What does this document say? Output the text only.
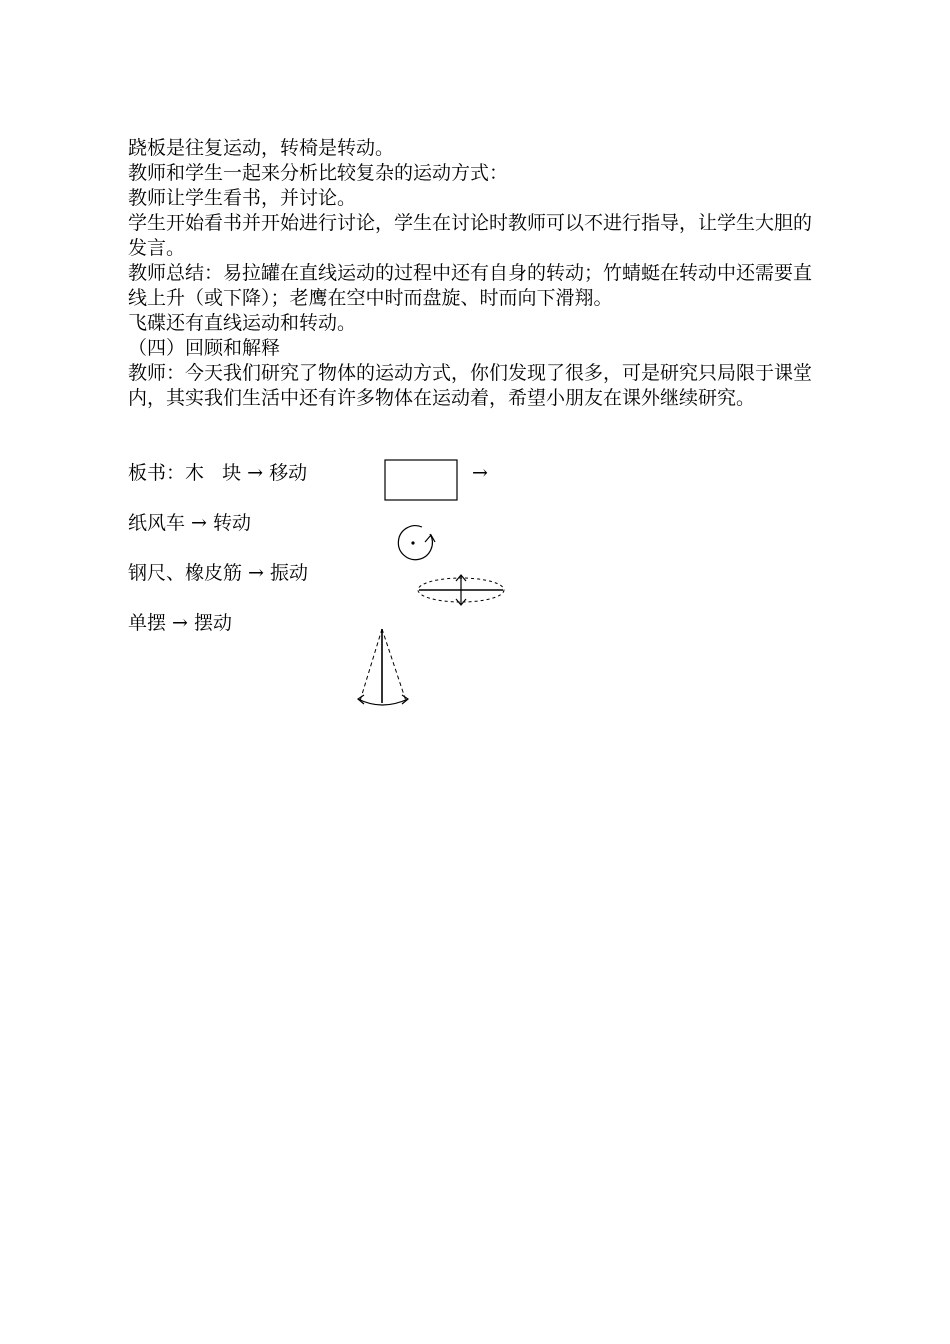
跷板是往复运动，转椅是转动。

教师和学生一起来分析比较复杂的运动方式：

教师让学生看书，并讨论。

学生开始看书并开始进行讨论，学生在讨论时教师可以不进行指导，让学生大胆的发言。

教师总结：易拉罐在直线运动的过程中还有自身的转动；竹蜻蜓在转动中还需要直线上升（或下降）；老鹰在空中时而盘旋、时而向下滑翔。

飞碟还有直线运动和转动。

（四）回顾和解释

教师：今天我们研究了物体的运动方式，你们发现了很多，可是研究只局限于课堂内，其实我们生活中还有许多物体在运动着，希望小朋友在课外继续研究。

板书：木   块 → 移动
纸风车 → 转动
钢尺、橡皮筋 → 振动
单摆 → 摆动
→
